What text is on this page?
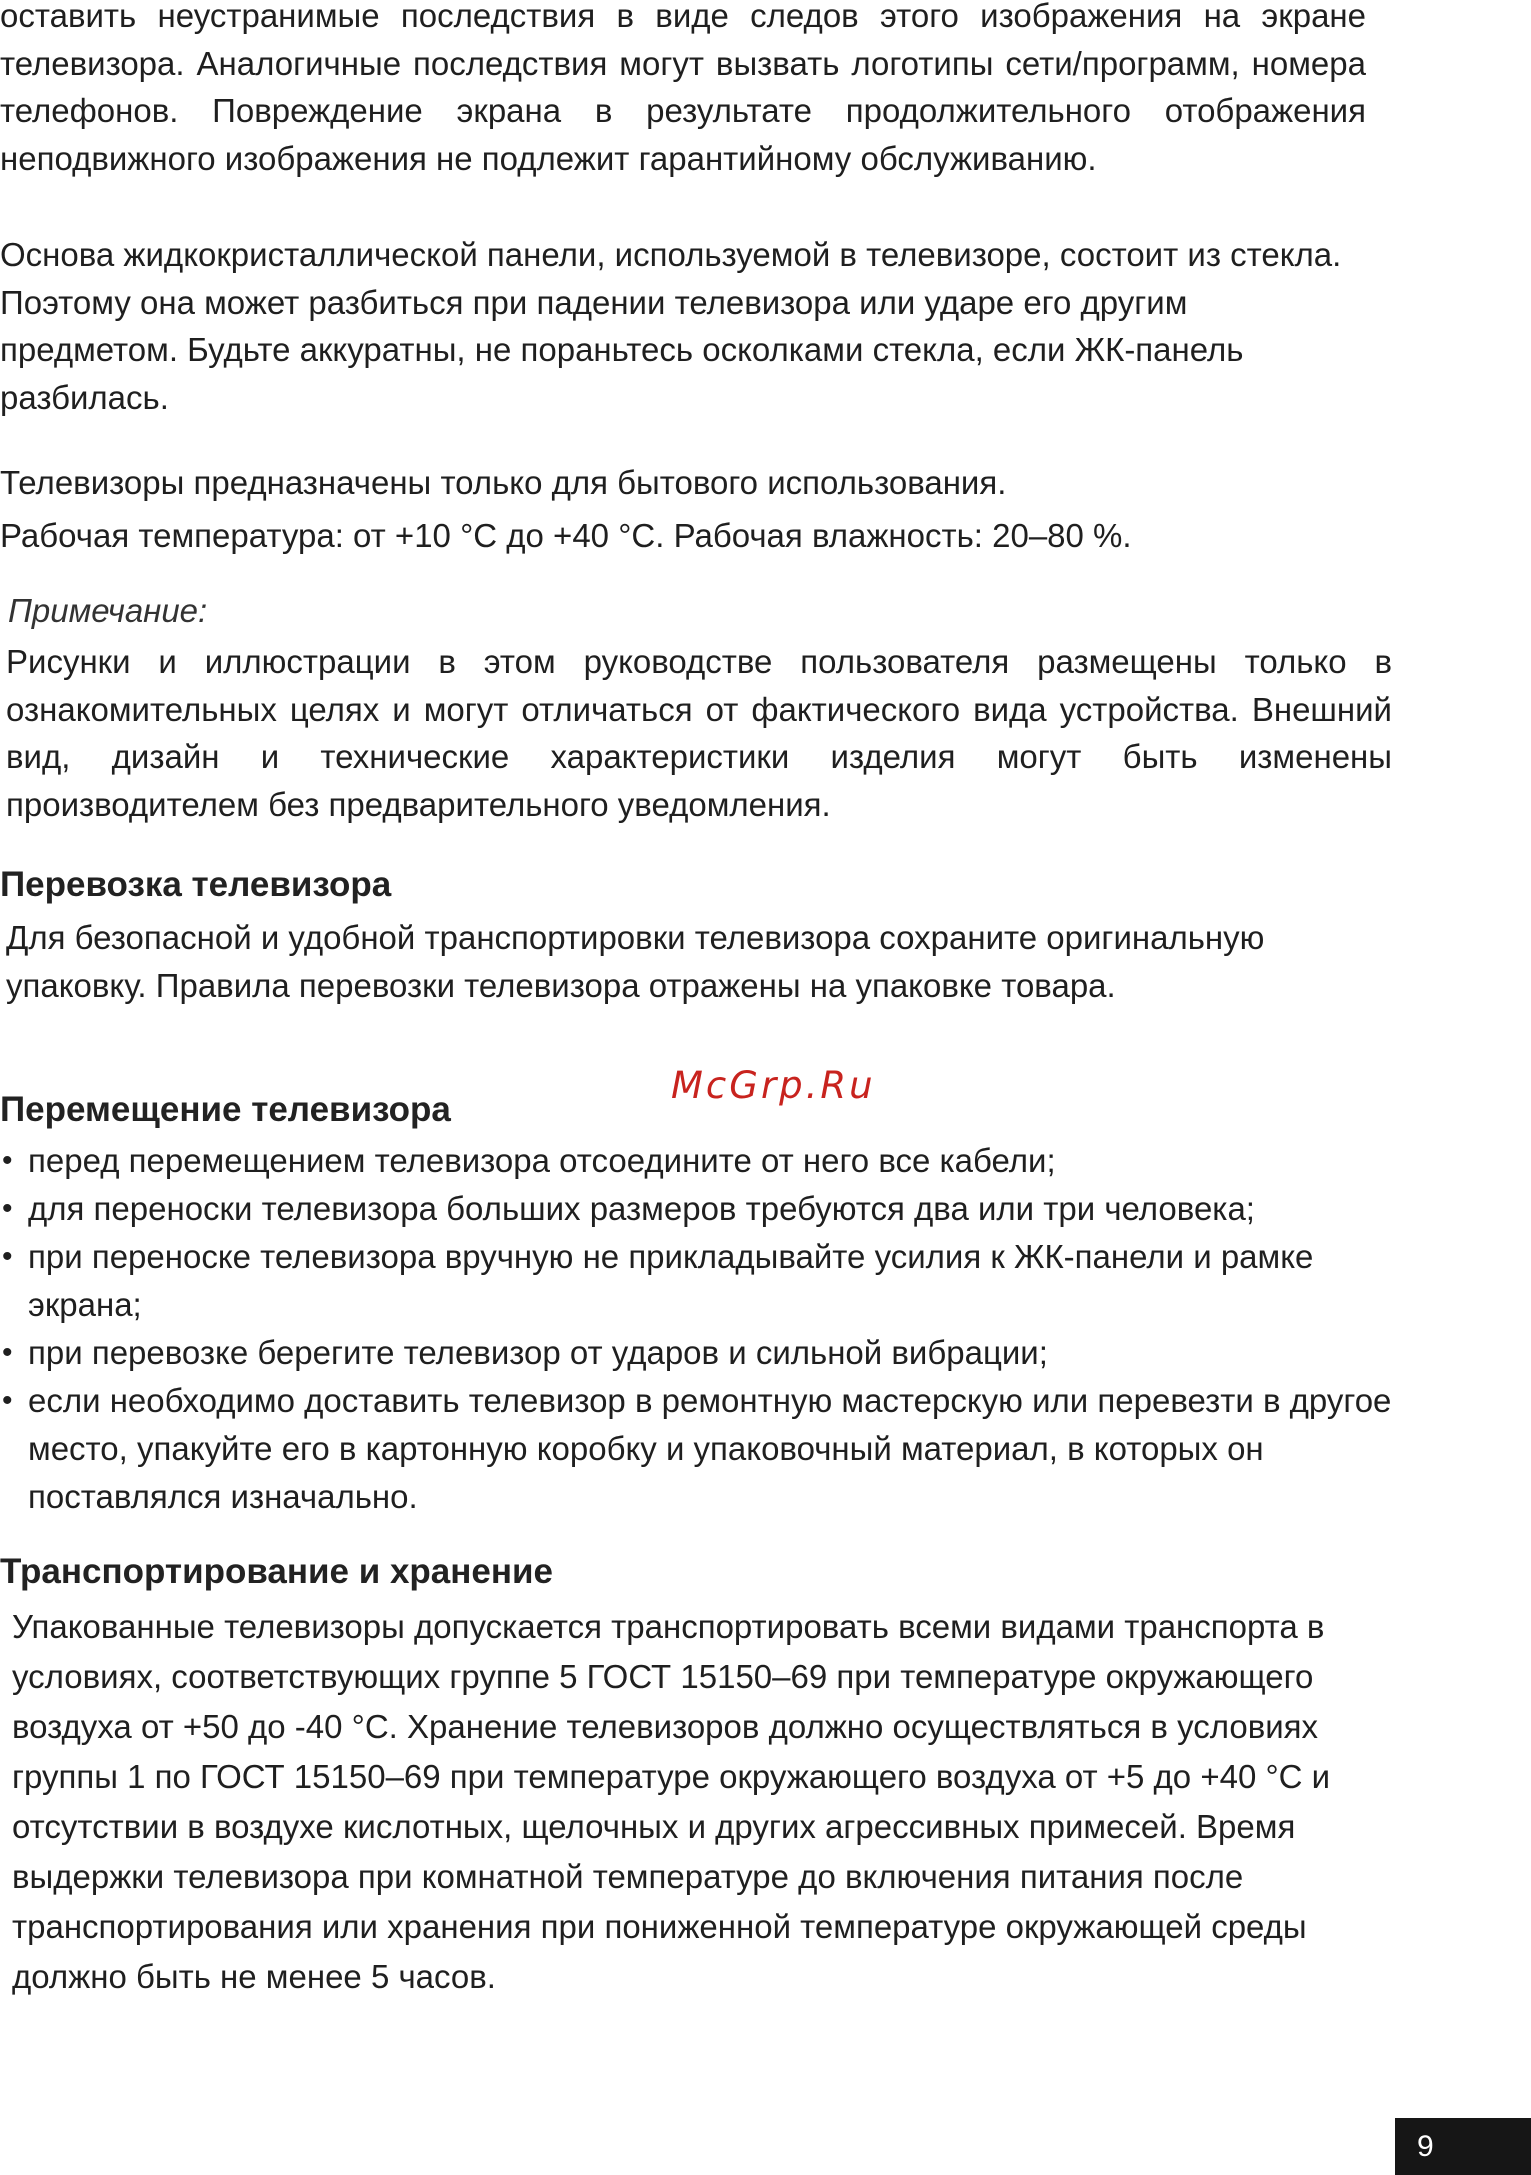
оставить неустранимые последствия в виде следов этого изображения на экране телевизора. Аналогичные последствия могут вызвать логотипы сети/программ, номера телефонов. Повреждение экрана в результате продолжительного отображения неподвижного изображения не подлежит гарантийному обслуживанию.

Основа жидкокристаллической панели, используемой в телевизоре, состоит из стекла. Поэтому она может разбиться при падении телевизора или ударе его другим предметом. Будьте аккуратны, не пораньтесь осколками стекла, если ЖК-панель разбилась.

Телевизоры предназначены только для бытового использования.

Рабочая температура: от +10 °С до +40 °С. Рабочая влажность: 20–80 %.

Примечание:

Рисунки и иллюстрации в этом руководстве пользователя размещены только в ознакомительных целях и могут отличаться от фактического вида устройства. Внешний вид, дизайн и технические характеристики изделия могут быть изменены производителем без предварительного уведомления.

Перевозка телевизора

Для безопасной и удобной транспортировки телевизора сохраните оригинальную упаковку. Правила перевозки телевизора отражены на упаковке товара.

McGrp.Ru
Перемещение телевизора
• перед перемещением телевизора отсоедините от него все кабели;
• для переноски телевизора больших размеров требуются два или три человека;
• при переноске телевизора вручную не прикладывайте усилия к ЖК-панели и рамке экрана;
• при перевозке берегите телевизор от ударов и сильной вибрации;
• если необходимо доставить телевизор в ремонтную мастерскую или перевезти в другое место, упакуйте его в картонную коробку и упаковочный материал, в которых он поставлялся изначально.
Транспортирование и хранение

Упакованные телевизоры допускается транспортировать всеми видами транспорта в условиях, соответствующих группе 5 ГОСТ 15150–69 при температуре окружающего воздуха от +50 до -40 °С. Хранение телевизоров должно осуществляться в условиях группы 1 по ГОСТ 15150–69 при температуре окружающего воздуха от +5 до +40 °С и отсутствии в воздухе кислотных, щелочных и других агрессивных примесей. Время выдержки телевизора при комнатной температуре до включения питания после транспортирования или хранения при пониженной температуре окружающей среды должно быть не менее 5 часов.

9
